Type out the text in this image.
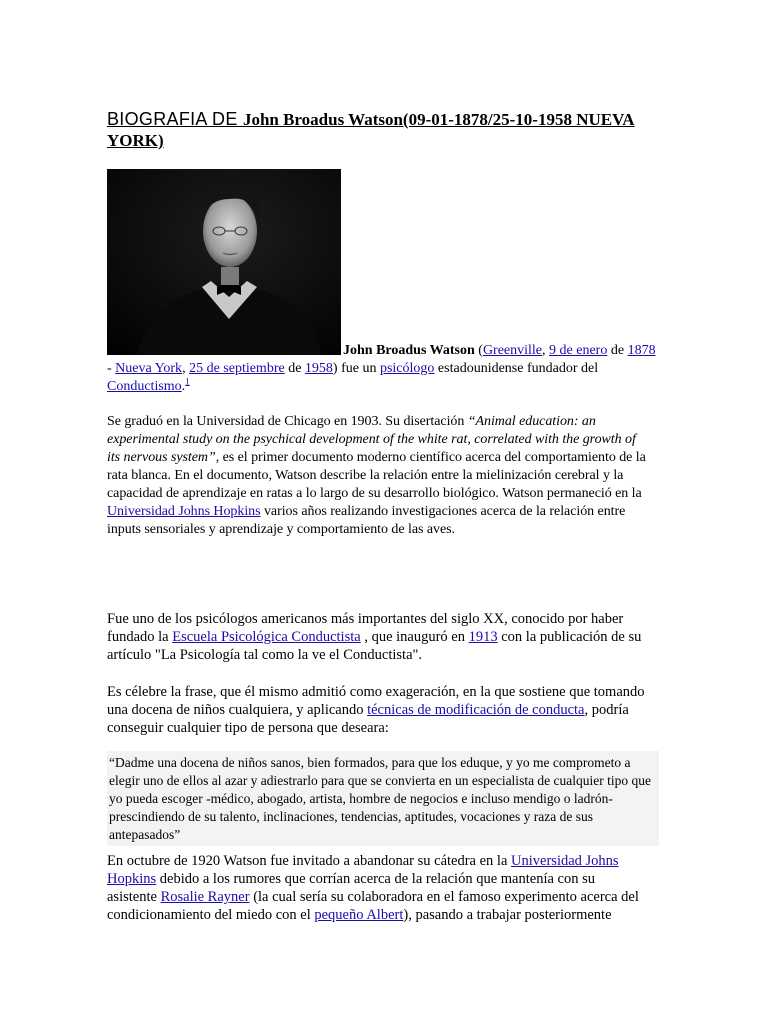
BIOGRAFIA DE John Broadus Watson(09-01-1878/25-10-1958 NUEVA YORK)
John Broadus Watson (Greenville, 9 de enero de 1878 - Nueva York, 25 de septiembre de 1958) fue un psicólogo estadounidense fundador del Conductismo.$^1$
Se graduó en la Universidad de Chicago en 1903. Su disertación “Animal education: an experimental study on the psychical development of the white rat, correlated with the growth of its nervous system”, es el primer documento moderno científico acerca del comportamiento de la rata blanca. En el documento, Watson describe la relación entre la mielinización cerebral y la capacidad de aprendizaje en ratas a lo largo de su desarrollo biológico. Watson permaneció en la Universidad Johns Hopkins varios años realizando investigaciones acerca de la relación entre inputs sensoriales y aprendizaje y comportamiento de las aves.
Fue uno de los psicólogos americanos más importantes del siglo XX, conocido por haber fundado la Escuela Psicológica Conductista , que inauguró en 1913 con la publicación de su artículo "La Psicología tal como la ve el Conductista".
Es célebre la frase, que él mismo admitió como exageración, en la que sostiene que tomando una docena de niños cualquiera, y aplicando técnicas de modificación de conducta, podría conseguir cualquier tipo de persona que deseara:
“Dadme una docena de niños sanos, bien formados, para que los eduque, y yo me comprometo a elegir uno de ellos al azar y adiestrarlo para que se convierta en un especialista de cualquier tipo que yo pueda escoger -médico, abogado, artista, hombre de negocios e incluso mendigo o ladrón- prescindiendo de su talento, inclinaciones, tendencias, aptitudes, vocaciones y raza de sus antepasados”
En octubre de 1920 Watson fue invitado a abandonar su cátedra en la Universidad Johns Hopkins debido a los rumores que corrían acerca de la relación que mantenía con su asistente Rosalie Rayner (la cual sería su colaboradora en el famoso experimento acerca del condicionamiento del miedo con el pequeño Albert), pasando a trabajar posteriormente
